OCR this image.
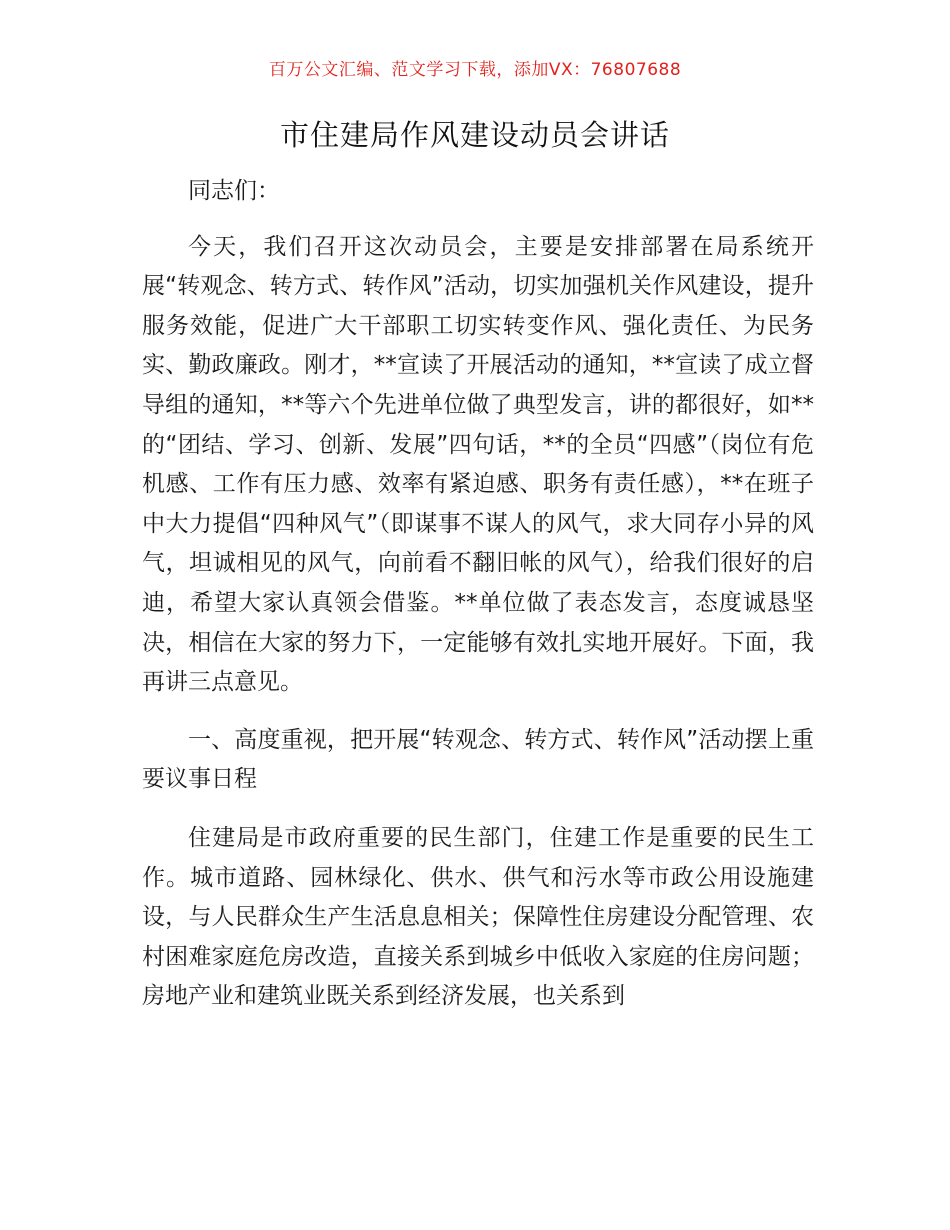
百万公文汇编、范文学习下载，添加VX：76807688
市住建局作风建设动员会讲话

同志们：

今天，我们召开这次动员会，主要是安排部署在局系统开展“转观念、转方式、转作风”活动，切实加强机关作风建设，提升服务效能，促进广大干部职工切实转变作风、强化责任、为民务实、勤政廉政。刚才，**宣读了开展活动的通知，**宣读了成立督导组的通知，**等六个先进单位做了典型发言，讲的都很好，如**的“团结、学习、创新、发展”四句话，**的全员“四感”（岗位有危机感、工作有压力感、效率有紧迫感、职务有责任感），**在班子中大力提倡“四种风气”（即谋事不谋人的风气，求大同存小异的风气，坦诚相见的风气，向前看不翻旧帐的风气），给我们很好的启迪，希望大家认真领会借鉴。**单位做了表态发言，态度诚恳坚决，相信在大家的努力下，一定能够有效扎实地开展好。下面，我再讲三点意见。

一、高度重视，把开展“转观念、转方式、转作风”活动摆上重要议事日程

住建局是市政府重要的民生部门，住建工作是重要的民生工作。城市道路、园林绿化、供水、供气和污水等市政公用设施建设，与人民群众生产生活息息相关；保障性住房建设分配管理、农村困难家庭危房改造，直接关系到城乡中低收入家庭的住房问题；房地产业和建筑业既关系到经济发展，也关系到
